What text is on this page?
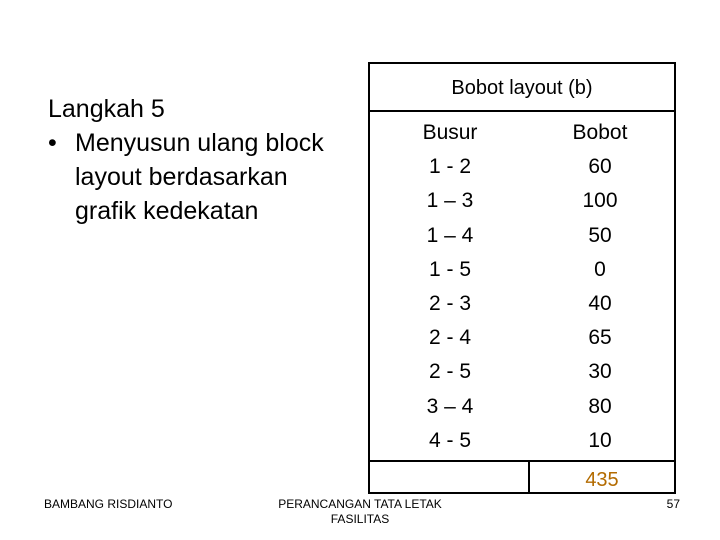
Langkah 5
• Menyusun ulang block layout berdasarkan grafik kedekatan
Bobot layout (b)
Busur
1 - 2
1 – 3
1 – 4
1 - 5
2 - 3
2 - 4
2 - 5
3 – 4
4 - 5
Bobot
60
100
50
0
40
65
30
80
10
435
BAMBANG RISDIANTO	PERANCANGAN TATA LETAK
FASILITAS
57
